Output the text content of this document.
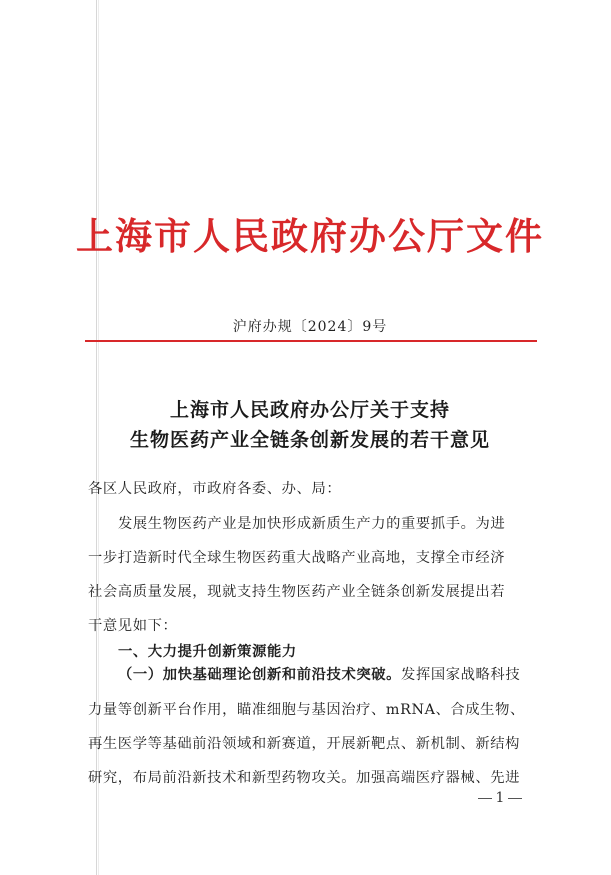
上海市人民政府办公厅文件
沪府办规〔2024〕9号
上海市人民政府办公厅关于支持
生物医药产业全链条创新发展的若干意见
各区人民政府，市政府各委、办、局：
发展生物医药产业是加快形成新质生产力的重要抓手。为进
一步打造新时代全球生物医药重大战略产业高地，支撑全市经济
社会高质量发展，现就支持生物医药产业全链条创新发展提出若
干意见如下：
一、大力提升创新策源能力
（一）加快基础理论创新和前沿技术突破。发挥国家战略科技
力量等创新平台作用，瞄准细胞与基因治疗、mRNA、合成生物、
再生医学等基础前沿领域和新赛道，开展新靶点、新机制、新结构
研究，布局前沿新技术和新型药物攻关。加强高端医疗器械、先进
1
